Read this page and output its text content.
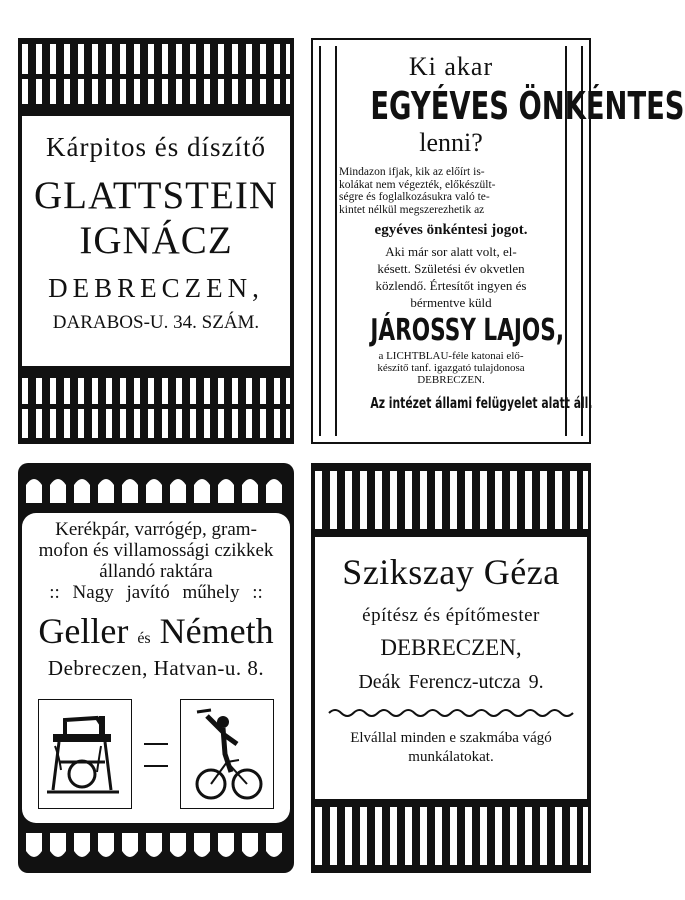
Kárpitos és díszítő
GLATTSTEIN
IGNÁCZ
DEBRECZEN,
DARABOS-U. 34. SZÁM.
Ki akar
EGYÉVES ÖNKÉNTES
lenni?
Mindazon ifjak, kik az előírt is-
kolákat nem végezték, előkészült-
ségre és foglalkozásukra való te-
kintet nélkül megszerezhetik az
egyéves önkéntesi jogot.
Aki már sor alatt volt, el-
késett. Születési év okvetlen
közlendő. Értesítőt ingyen és
bérmentve küld
JÁROSSY LAJOS,
a LICHTBLAU-féle katonai elő-
készítő tanf. igazgató tulajdonosa
DEBRECZEN.
Az intézet állami felügyelet alatt áll.
Kerékpár, varrógép, gram-
mofon és villamossági czikkek
állandó raktára
:: Nagy javító műhely ::
Geller és Németh
Debreczen, Hatvan-u. 8.
Szikszay Géza
építész és építőmester
DEBRECZEN,
Deák Ferencz-utcza 9.
Elvállal minden e szakmába vágó
munkálatokat.
